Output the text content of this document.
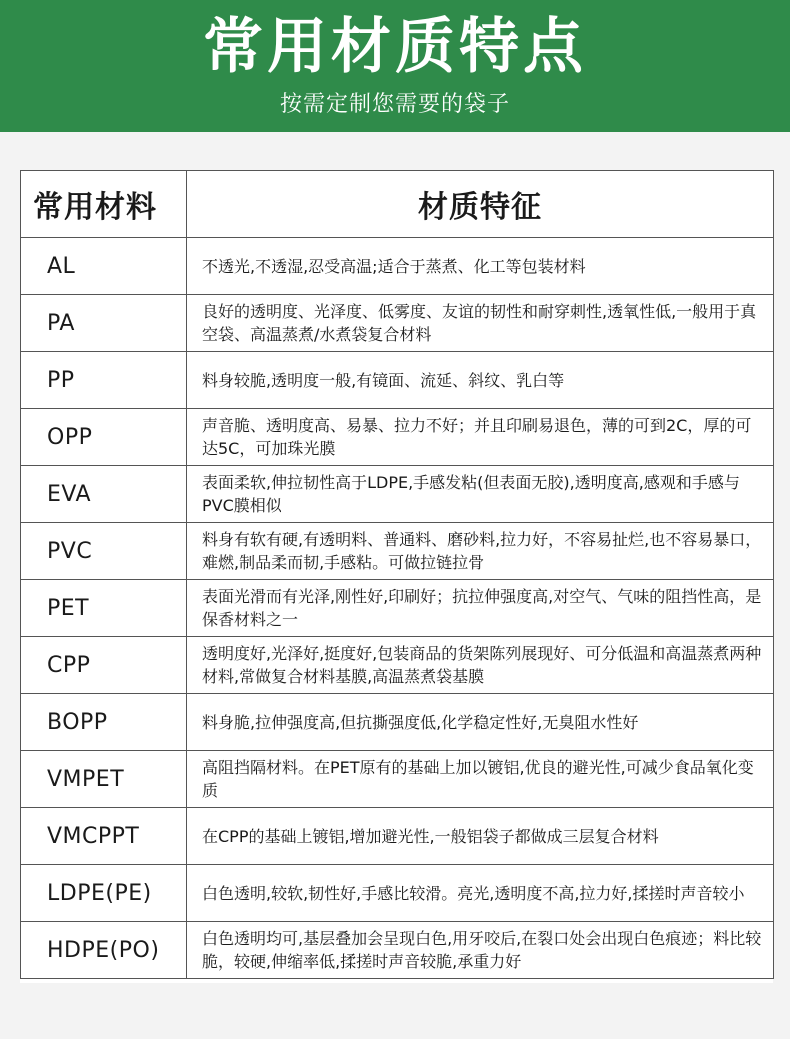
常用材质特点
按需定制您需要的袋子
常用材料	材质特征
AL	不透光,不透湿,忍受高温;适合于蒸煮、化工等包装材料
PA	良好的透明度、光泽度、低雾度、友谊的韧性和耐穿刺性,透氧性低,一般用于真空袋、高温蒸煮/水煮袋复合材料
PP	料身较脆,透明度一般,有镜面、流延、斜纹、乳白等
OPP	声音脆、透明度高、易暴、拉力不好；并且印刷易退色，薄的可到2C，厚的可达5C，可加珠光膜
EVA	表面柔软,伸拉韧性高于LDPE,手感发粘(但表面无胶),透明度高,感观和手感与PVC膜相似
PVC	料身有软有硬,有透明料、普通料、磨砂料,拉力好，不容易扯烂,也不容易暴口，难燃,制品柔而韧,手感粘。可做拉链拉骨
PET	表面光滑而有光泽,刚性好,印刷好；抗拉伸强度高,对空气、气味的阻挡性高，是保香材料之一
CPP	透明度好,光泽好,挺度好,包装商品的货架陈列展现好、可分低温和高温蒸煮两种材料,常做复合材料基膜,高温蒸煮袋基膜
BOPP	料身脆,拉伸强度高,但抗撕强度低,化学稳定性好,无臭阻水性好
VMPET	高阻挡隔材料。在PET原有的基础上加以镀铝,优良的避光性,可减少食品氧化变质
VMCPPT	在CPP的基础上镀铝,增加避光性,一般铝袋子都做成三层复合材料
LDPE(PE)	白色透明,较软,韧性好,手感比较滑。亮光,透明度不高,拉力好,揉搓时声音较小
HDPE(PO)	白色透明均可,基层叠加会呈现白色,用牙咬后,在裂口处会出现白色痕迹；料比较脆，较硬,伸缩率低,揉搓时声音较脆,承重力好
